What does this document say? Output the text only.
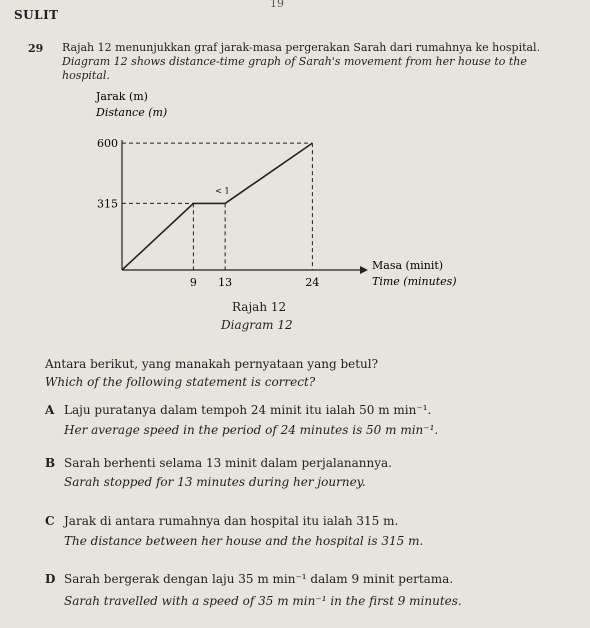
SULIT
19
29 Rajah 12 menunjukkan graf jarak-masa pergerakan Sarah dari rumahnya ke hospital.
Diagram 12 shows distance-time graph of Sarah's movement from her house to the
hospital.
Jarak (m)
Distance (m)
Masa (minit)
Time (minutes)
315
600
9 13	24
< 1
Rajah 12
Diagram 12
Antara berikut, yang manakah pernyataan yang betul?
Which of the following statement is correct?
A Laju puratanya dalam tempoh 24 minit itu ialah 50 m min⁻¹.
Her average speed in the period of 24 minutes is 50 m min⁻¹.
B Sarah berhenti selama 13 minit dalam perjalanannya.
Sarah stopped for 13 minutes during her journey.
C Jarak di antara rumahnya dan hospital itu ialah 315 m.
The distance between her house and the hospital is 315 m.
D Sarah bergerak dengan laju 35 m min⁻¹ dalam 9 minit pertama.
Sarah travelled with a speed of 35 m min⁻¹ in the first 9 minutes.
